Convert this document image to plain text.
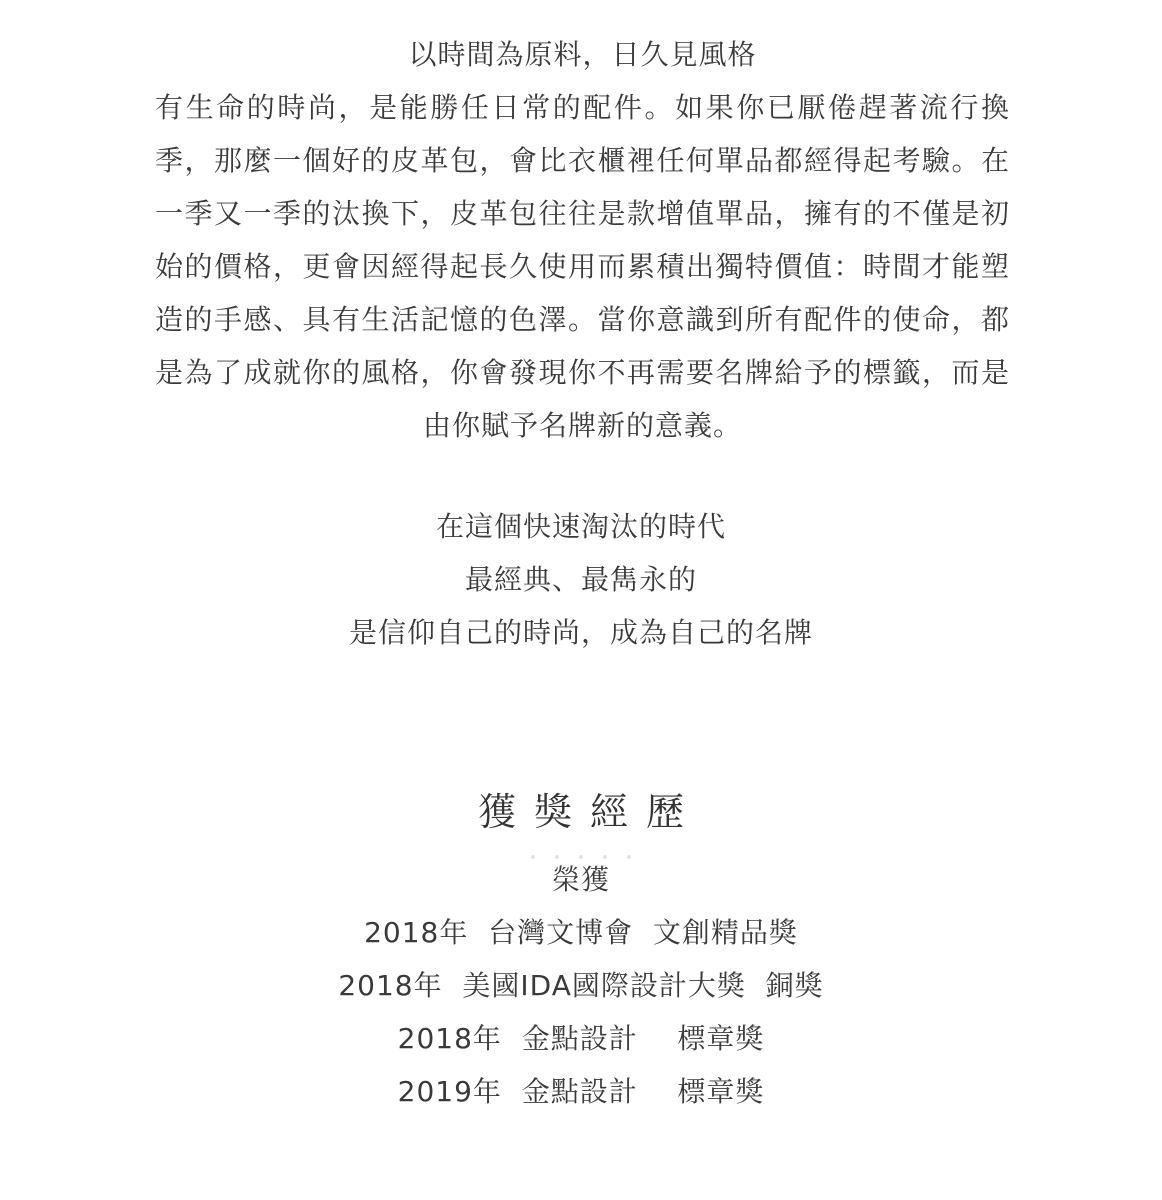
以時間為原料，日久見風格
有生命的時尚，是能勝任日常的配件。如果你已厭倦趕著流行換季，那麼一個好的皮革包，會比衣櫃裡任何單品都經得起考驗。在一季又一季的汰換下，皮革包往往是款增值單品，擁有的不僅是初始的價格，更會因經得起長久使用而累積出獨特價值：時間才能塑造的手感、具有生活記憶的色澤。當你意識到所有配件的使命，都是為了成就你的風格，你會發現你不再需要名牌給予的標籤，而是由你賦予名牌新的意義。
在這個快速淘汰的時代
最經典、最雋永的
是信仰自己的時尚，成為自己的名牌
獲獎經歷
榮獲
2018年  台灣文博會  文創精品獎
2018年  美國IDA國際設計大獎  銅獎
2018年  金點設計    標章獎
2019年  金點設計    標章獎
